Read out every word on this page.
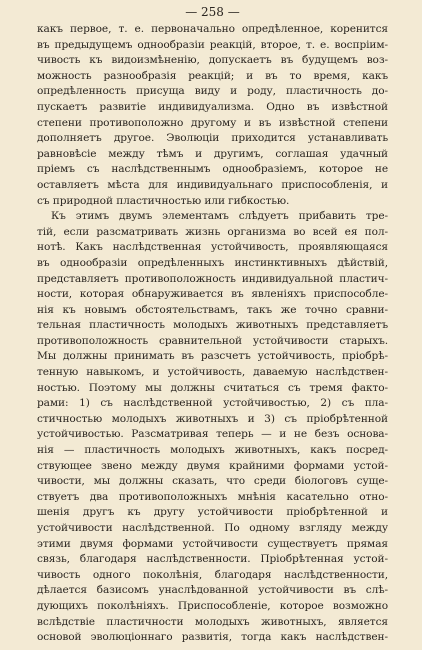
— 258 —

какъ первое, т. е. первоначально опредѣленное, коренится

въ предыдущемъ однообразіи реакцій, второе, т. е. воспріим-

чивость къ видоизмѣненію, допускаетъ въ будущемъ воз-

можность разнообразія реакцій; и въ то время, какъ

опредѣленность присуща виду и роду, пластичность до-

пускаетъ развитіе индивидуализма. Одно въ извѣстной

степени противоположно другому и въ извѣстной степени

дополняетъ другое. Эволюціи приходится устанавливать

равновѣсіе между тѣмъ и другимъ, соглашая удачный

пріемъ съ наслѣдственнымъ однообразіемъ, которое не

оставляетъ мѣста для индивидуальнаго приспособленія, и

съ природной пластичностью или гибкостью.

Къ этимъ двумъ элементамъ слѣдуетъ прибавить тре-

тій, если разсматривать жизнь организма во всей ея пол-

нотѣ. Какъ наслѣдственная устойчивость, проявляющаяся

въ однообразіи опредѣленныхъ инстинктивныхъ дѣйствій,

представляетъ противоположность индивидуальной пластич-

ности, которая обнаруживается въ явленіяхъ приспособле-

нія къ новымъ обстоятельствамъ, такъ же точно сравни-

тельная пластичность молодыхъ животныхъ представляетъ

противоположность сравнительной устойчивости старыхъ.

Мы должны принимать въ разсчетъ устойчивость, пріобрѣ-

тенную навыкомъ, и устойчивость, даваемую наслѣдствен-

ностью. Поэтому мы должны считаться съ тремя факто-

рами: 1) съ наслѣдственной устойчивостью, 2) съ пла-

стичностью молодыхъ животныхъ и 3) съ пріобрѣтенной

устойчивостью. Разсматривая теперь — и не безъ основа-

нія — пластичность молодыхъ животныхъ, какъ посред-

ствующее звено между двумя крайними формами устой-

чивости, мы должны сказать, что среди біологовъ суще-

ствуетъ два противоположныхъ мнѣнія касательно отно-

шенія другъ къ другу устойчивости пріобрѣтенной и

устойчивости наслѣдственной. По одному взгляду между

этими двумя формами устойчивости существуетъ прямая

связь, благодаря наслѣдственности. Пріобрѣтенная устой-

чивость одного поколѣнія, благодаря наслѣдственности,

дѣлается базисомъ унаслѣдованной устойчивости въ слѣ-

дующихъ поколѣніяхъ. Приспособленіе, которое возможно

вслѣдствіе пластичности молодыхъ животныхъ, является

основой эволюціоннаго развитія, тогда какъ наслѣдствен-
